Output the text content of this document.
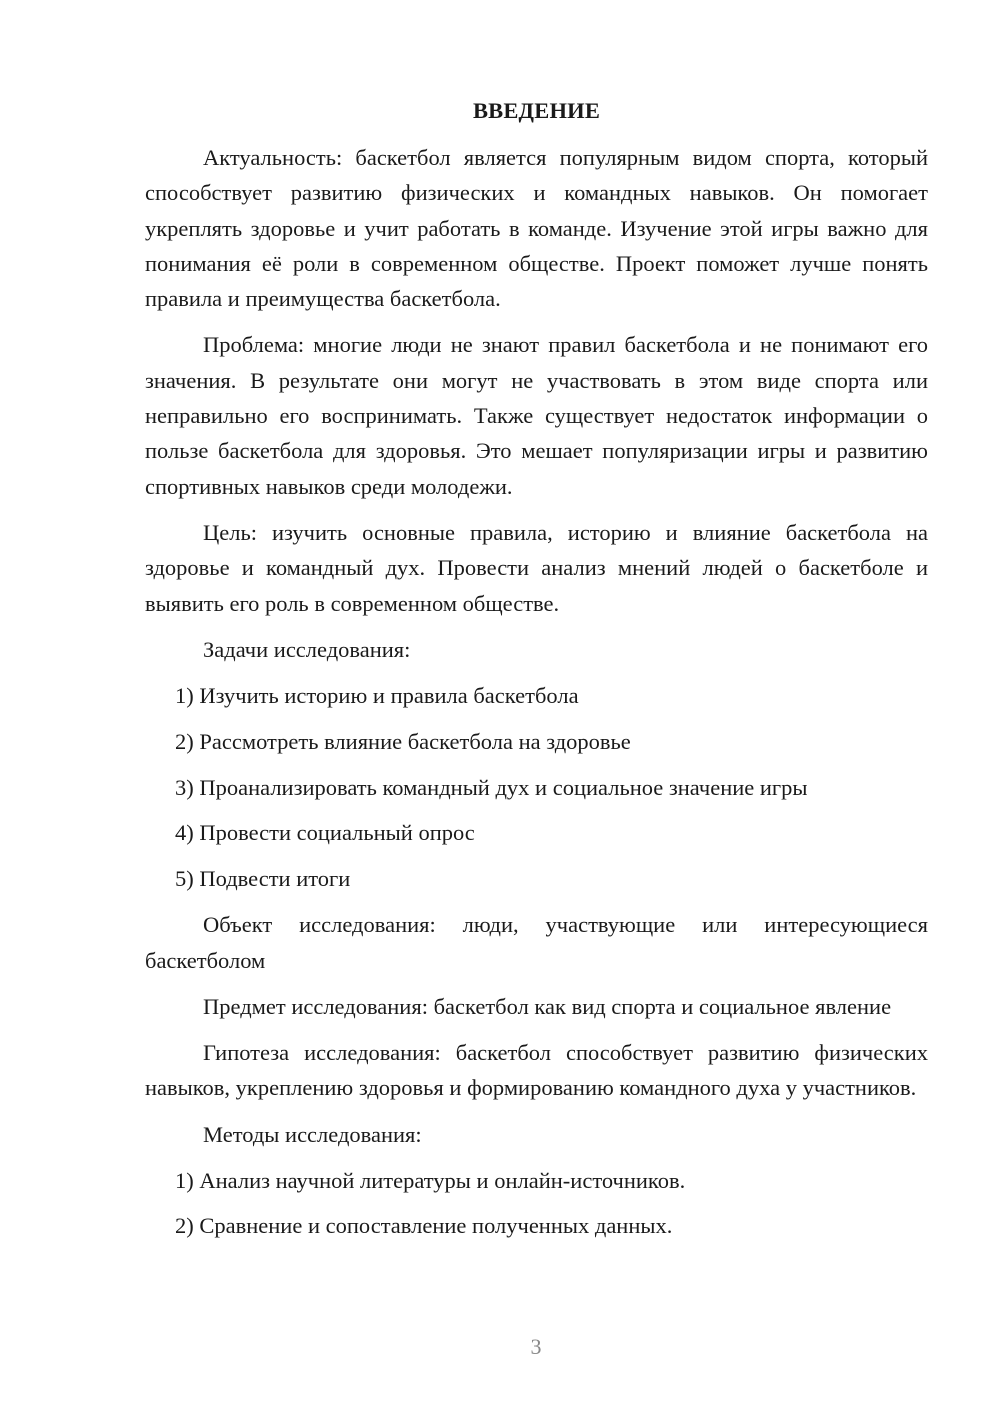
ВВЕДЕНИЕ

Актуальность: баскетбол является популярным видом спорта, который способствует развитию физических и командных навыков. Он помогает укреплять здоровье и учит работать в команде. Изучение этой игры важно для понимания её роли в современном обществе. Проект поможет лучше понять правила и преимущества баскетбола.

Проблема: многие люди не знают правил баскетбола и не понимают его значения. В результате они могут не участвовать в этом виде спорта или неправильно его воспринимать. Также существует недостаток информации о пользе баскетбола для здоровья. Это мешает популяризации игры и развитию спортивных навыков среди молодежи.

Цель: изучить основные правила, историю и влияние баскетбола на здоровье и командный дух. Провести анализ мнений людей о баскетболе и выявить его роль в современном обществе.

Задачи исследования:

1) Изучить историю и правила баскетбола

2) Рассмотреть влияние баскетбола на здоровье

3) Проанализировать командный дух и социальное значение игры

4) Провести социальный опрос

5) Подвести итоги

Объект исследования: люди, участвующие или интересующиеся баскетболом

Предмет исследования: баскетбол как вид спорта и социальное явление

Гипотеза исследования: баскетбол способствует развитию физических навыков, укреплению здоровья и формированию командного духа у участников.

Методы исследования:

1) Анализ научной литературы и онлайн-источников.

2) Сравнение и сопоставление полученных данных.

3
